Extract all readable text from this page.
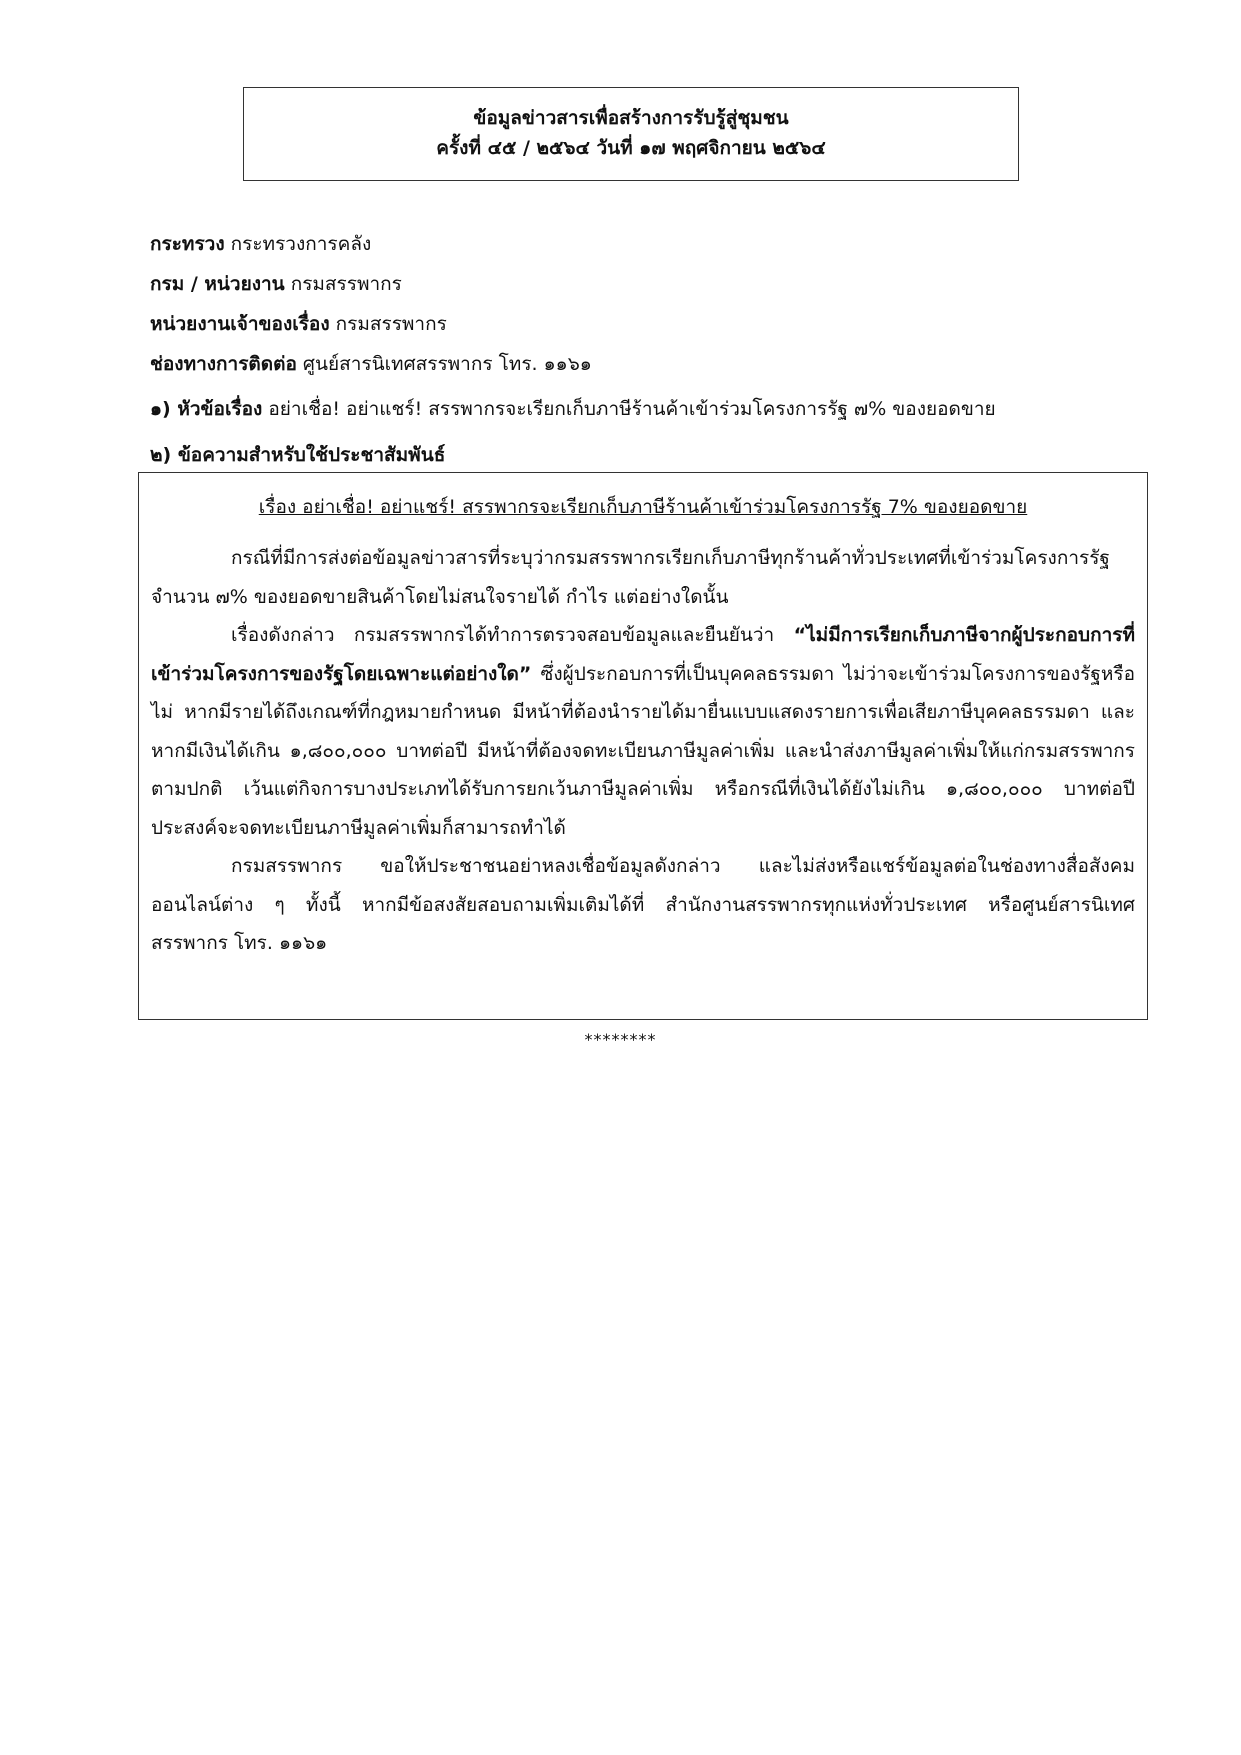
ข้อมูลข่าวสารเพื่อสร้างการรับรู้สู่ชุมชน
ครั้งที่ ๔๕ / ๒๕๖๔ วันที่ ๑๗ พฤศจิกายน ๒๕๖๔
กระทรวง กระทรวงการคลัง
กรม / หน่วยงาน กรมสรรพากร
หน่วยงานเจ้าของเรื่อง กรมสรรพากร
ช่องทางการติดต่อ ศูนย์สารนิเทศสรรพากร โทร. ๑๑๖๑
๑) หัวข้อเรื่อง อย่าเชื่อ! อย่าแชร์! สรรพากรจะเรียกเก็บภาษีร้านค้าเข้าร่วมโครงการรัฐ ๗% ของยอดขาย
๒) ข้อความสำหรับใช้ประชาสัมพันธ์
เรื่อง อย่าเชื่อ! อย่าแชร์! สรรพากรจะเรียกเก็บภาษีร้านค้าเข้าร่วมโครงการรัฐ 7% ของยอดขาย

กรณีที่มีการส่งต่อข้อมูลข่าวสารที่ระบุว่ากรมสรรพากรเรียกเก็บภาษีทุกร้านค้าทั่วประเทศที่เข้าร่วมโครงการรัฐ จำนวน ๗% ของยอดขายสินค้าโดยไม่สนใจรายได้ กำไร แต่อย่างใดนั้น

เรื่องดังกล่าว กรมสรรพากรได้ทำการตรวจสอบข้อมูลและยืนยันว่า “ไม่มีการเรียกเก็บภาษีจากผู้ประกอบการที่เข้าร่วมโครงการของรัฐโดยเฉพาะแต่อย่างใด” ซึ่งผู้ประกอบการที่เป็นบุคคลธรรมดา ไม่ว่าจะเข้าร่วมโครงการของรัฐหรือไม่ หากมีรายได้ถึงเกณฑ์ที่กฎหมายกำหนด มีหน้าที่ต้องนำรายได้มายื่นแบบแสดงรายการเพื่อเสียภาษีบุคคลธรรมดา และหากมีเงินได้เกิน ๑,๘๐๐,๐๐๐ บาทต่อปี มีหน้าที่ต้องจดทะเบียนภาษีมูลค่าเพิ่ม และนำส่งภาษีมูลค่าเพิ่มให้แก่กรมสรรพากรตามปกติ เว้นแต่กิจการบางประเภทได้รับการยกเว้นภาษีมูลค่าเพิ่ม หรือกรณีที่เงินได้ยังไม่เกิน ๑,๘๐๐,๐๐๐ บาทต่อปี ประสงค์จะจดทะเบียนภาษีมูลค่าเพิ่มก็สามารถทำได้

กรมสรรพากร ขอให้ประชาชนอย่าหลงเชื่อข้อมูลดังกล่าว และไม่ส่งหรือแชร์ข้อมูลต่อในช่องทางสื่อสังคมออนไลน์ต่าง ๆ ทั้งนี้ หากมีข้อสงสัยสอบถามเพิ่มเติมได้ที่ สำนักงานสรรพากรทุกแห่งทั่วประเทศ หรือศูนย์สารนิเทศสรรพากร โทร. ๑๑๖๑

********
